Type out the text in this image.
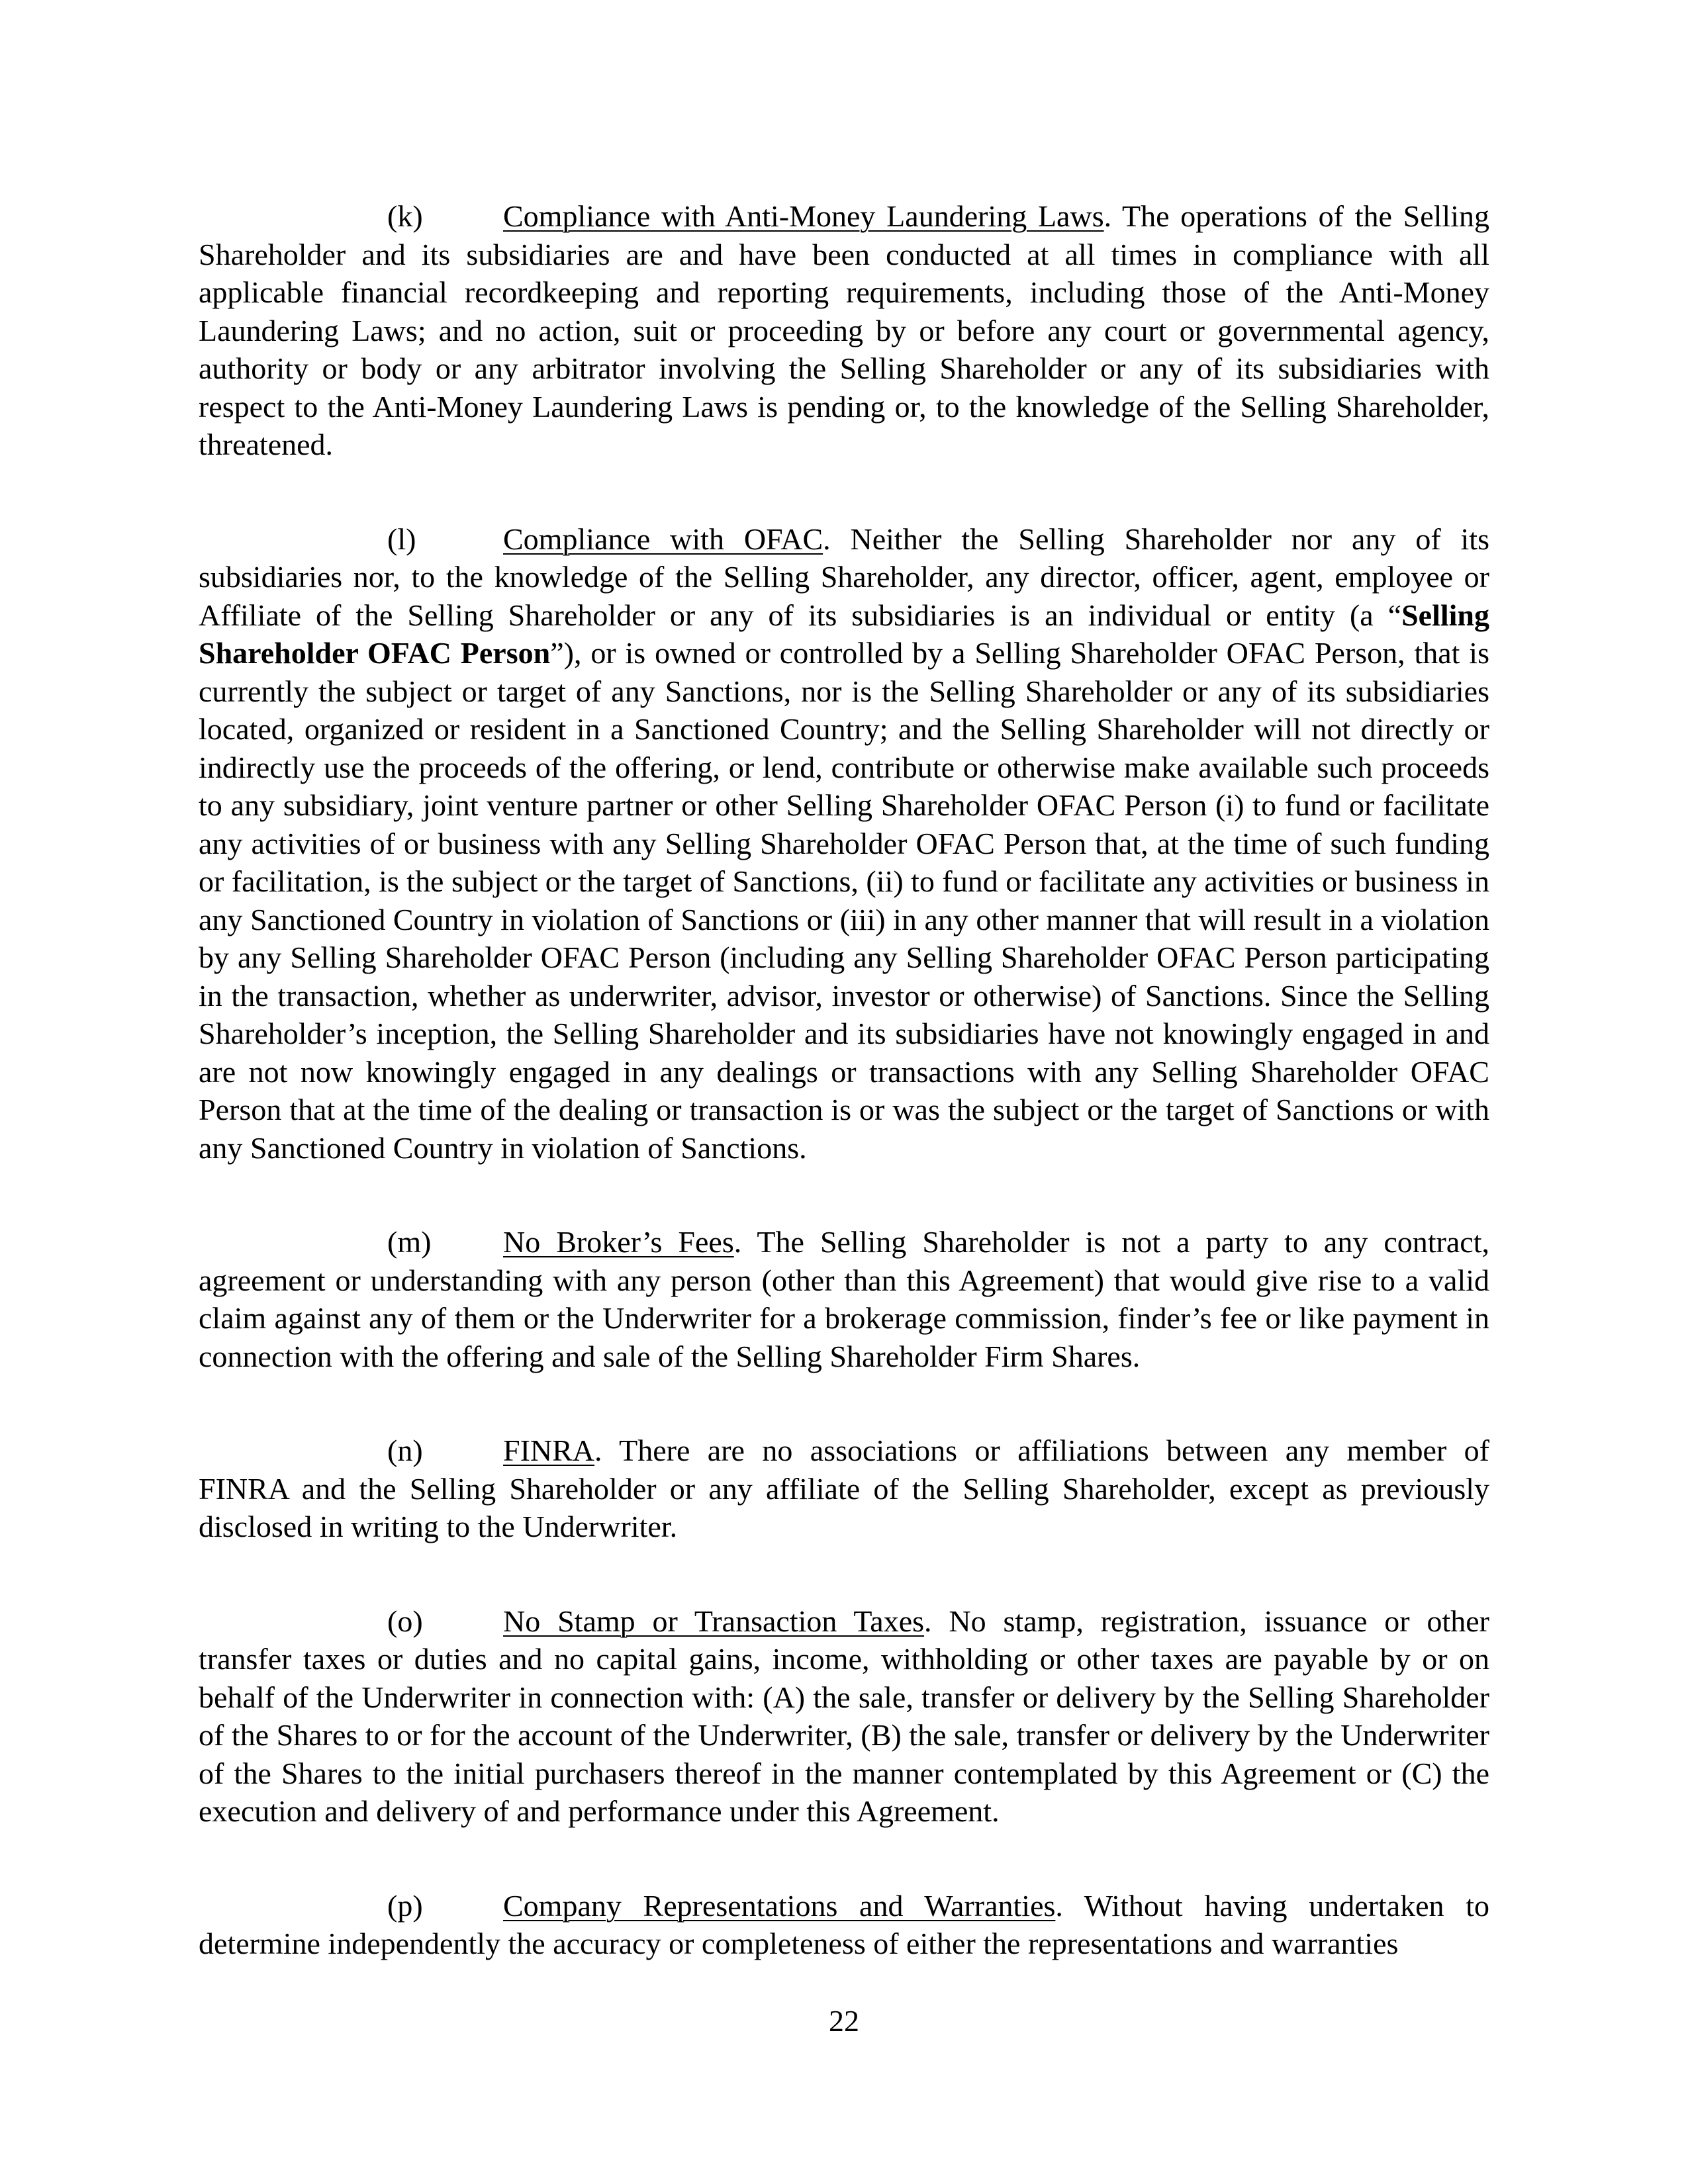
(k)	Compliance with Anti-Money Laundering Laws. The operations of the Selling Shareholder and its subsidiaries are and have been conducted at all times in compliance with all applicable financial recordkeeping and reporting requirements, including those of the Anti-Money Laundering Laws; and no action, suit or proceeding by or before any court or governmental agency, authority or body or any arbitrator involving the Selling Shareholder or any of its subsidiaries with respect to the Anti-Money Laundering Laws is pending or, to the knowledge of the Selling Shareholder, threatened.

(l)	Compliance with OFAC. Neither the Selling Shareholder nor any of its subsidiaries nor, to the knowledge of the Selling Shareholder, any director, officer, agent, employee or Affiliate of the Selling Shareholder or any of its subsidiaries is an individual or entity (a “Selling Shareholder OFAC Person”), or is owned or controlled by a Selling Shareholder OFAC Person, that is currently the subject or target of any Sanctions, nor is the Selling Shareholder or any of its subsidiaries located, organized or resident in a Sanctioned Country; and the Selling Shareholder will not directly or indirectly use the proceeds of the offering, or lend, contribute or otherwise make available such proceeds to any subsidiary, joint venture partner or other Selling Shareholder OFAC Person (i) to fund or facilitate any activities of or business with any Selling Shareholder OFAC Person that, at the time of such funding or facilitation, is the subject or the target of Sanctions, (ii) to fund or facilitate any activities or business in any Sanctioned Country in violation of Sanctions or (iii) in any other manner that will result in a violation by any Selling Shareholder OFAC Person (including any Selling Shareholder OFAC Person participating in the transaction, whether as underwriter, advisor, investor or otherwise) of Sanctions. Since the Selling Shareholder’s inception, the Selling Shareholder and its subsidiaries have not knowingly engaged in and are not now knowingly engaged in any dealings or transactions with any Selling Shareholder OFAC Person that at the time of the dealing or transaction is or was the subject or the target of Sanctions or with any Sanctioned Country in violation of Sanctions.

(m) No Broker’s Fees. The Selling Shareholder is not a party to any contract, agreement or understanding with any person (other than this Agreement) that would give rise to a valid claim against any of them or the Underwriter for a brokerage commission, finder’s fee or like payment in connection with the offering and sale of the Selling Shareholder Firm Shares.

(n)	FINRA. There are no associations or affiliations between any member of FINRA and the Selling Shareholder or any affiliate of the Selling Shareholder, except as previously disclosed in writing to the Underwriter.

(o)	No Stamp or Transaction Taxes. No stamp, registration, issuance or other transfer taxes or duties and no capital gains, income, withholding or other taxes are payable by or on behalf of the Underwriter in connection with: (A) the sale, transfer or delivery by the Selling Shareholder of the Shares to or for the account of the Underwriter, (B) the sale, transfer or delivery by the Underwriter of the Shares to the initial purchasers thereof in the manner contemplated by this Agreement or (C) the execution and delivery of and performance under this Agreement.

(p)	Company Representations and Warranties. Without having undertaken to determine independently the accuracy or completeness of either the representations and warranties

22
